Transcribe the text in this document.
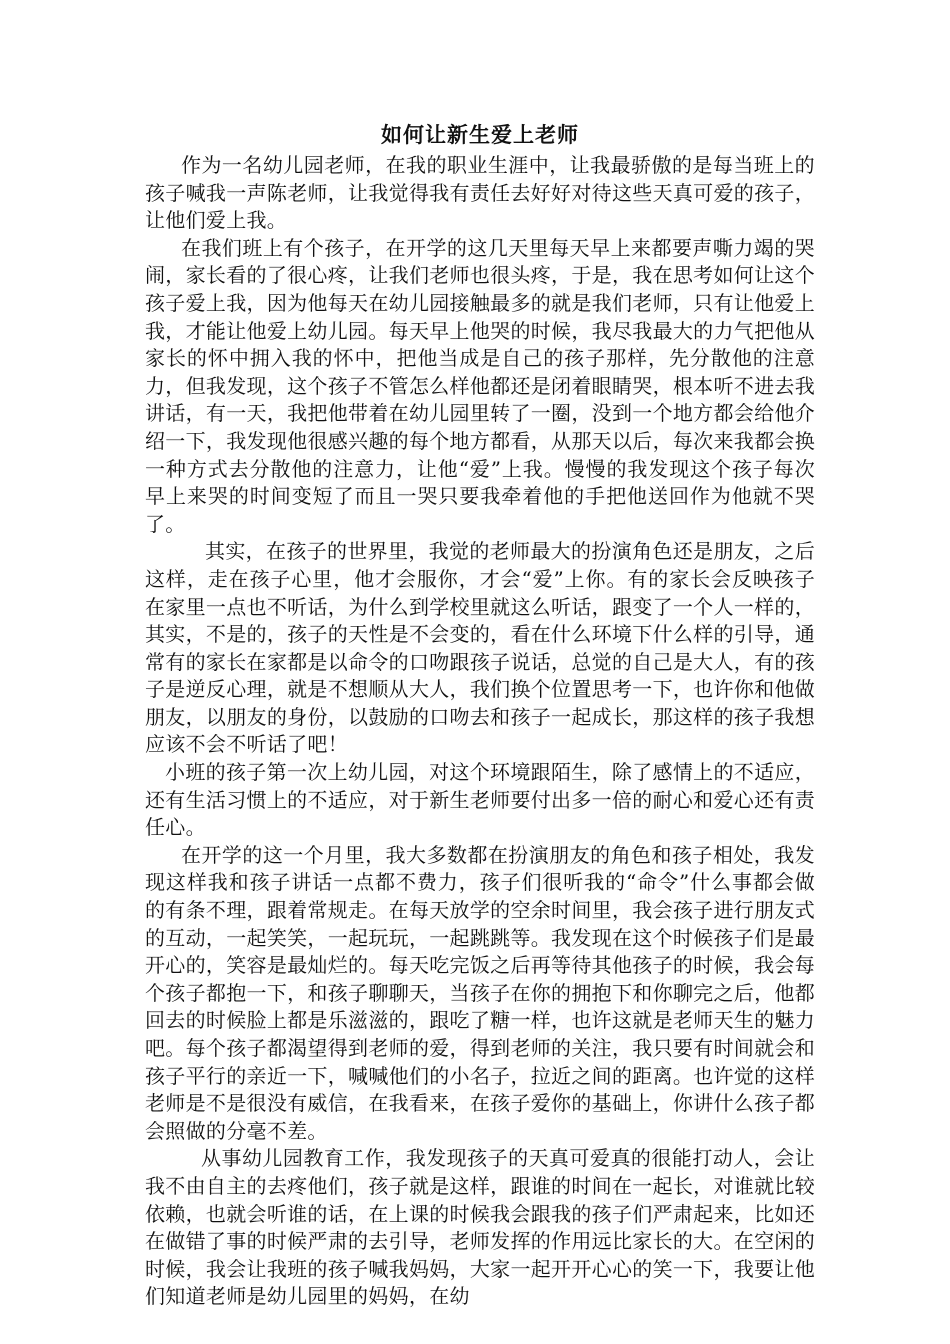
如何让新生爱上老师

作为一名幼儿园老师，在我的职业生涯中，让我最骄傲的是每当班上的孩子喊我一声陈老师，让我觉得我有责任去好好对待这些天真可爱的孩子，让他们爱上我。

在我们班上有个孩子，在开学的这几天里每天早上来都要声嘶力竭的哭闹，家长看的了很心疼，让我们老师也很头疼，于是，我在思考如何让这个孩子爱上我，因为他每天在幼儿园接触最多的就是我们老师，只有让他爱上我，才能让他爱上幼儿园。每天早上他哭的时候，我尽我最大的力气把他从家长的怀中拥入我的怀中，把他当成是自己的孩子那样，先分散他的注意力，但我发现，这个孩子不管怎么样他都还是闭着眼睛哭，根本听不进去我讲话，有一天，我把他带着在幼儿园里转了一圈，没到一个地方都会给他介绍一下，我发现他很感兴趣的每个地方都看，从那天以后，每次来我都会换一种方式去分散他的注意力，让他“爱”上我。慢慢的我发现这个孩子每次早上来哭的时间变短了而且一哭只要我牵着他的手把他送回作为他就不哭了。

其实，在孩子的世界里，我觉的老师最大的扮演角色还是朋友，之后这样，走在孩子心里，他才会服你，才会“爱”上你。有的家长会反映孩子在家里一点也不听话，为什么到学校里就这么听话，跟变了一个人一样的，其实，不是的，孩子的天性是不会变的，看在什么环境下什么样的引导，通常有的家长在家都是以命令的口吻跟孩子说话，总觉的自己是大人，有的孩子是逆反心理，就是不想顺从大人，我们换个位置思考一下，也许你和他做朋友，以朋友的身份，以鼓励的口吻去和孩子一起成长，那这样的孩子我想应该不会不听话了吧！

小班的孩子第一次上幼儿园，对这个环境跟陌生，除了感情上的不适应，还有生活习惯上的不适应，对于新生老师要付出多一倍的耐心和爱心还有责任心。

在开学的这一个月里，我大多数都在扮演朋友的角色和孩子相处，我发现这样我和孩子讲话一点都不费力，孩子们很听我的“命令”什么事都会做的有条不理，跟着常规走。在每天放学的空余时间里，我会孩子进行朋友式的互动，一起笑笑，一起玩玩，一起跳跳等。我发现在这个时候孩子们是最开心的，笑容是最灿烂的。每天吃完饭之后再等待其他孩子的时候，我会每个孩子都抱一下，和孩子聊聊天，当孩子在你的拥抱下和你聊完之后，他都回去的时候脸上都是乐滋滋的，跟吃了糖一样，也许这就是老师天生的魅力吧。每个孩子都渴望得到老师的爱，得到老师的关注，我只要有时间就会和孩子平行的亲近一下，喊喊他们的小名子，拉近之间的距离。也许觉的这样老师是不是很没有威信，在我看来，在孩子爱你的基础上，你讲什么孩子都会照做的分毫不差。

从事幼儿园教育工作，我发现孩子的天真可爱真的很能打动人，会让我不由自主的去疼他们，孩子就是这样，跟谁的时间在一起长，对谁就比较依赖，也就会听谁的话，在上课的时候我会跟我的孩子们严肃起来，比如还在做错了事的时候严肃的去引导，老师发挥的作用远比家长的大。在空闲的时候，我会让我班的孩子喊我妈妈，大家一起开开心心的笑一下，我要让他们知道老师是幼儿园里的妈妈，在幼
